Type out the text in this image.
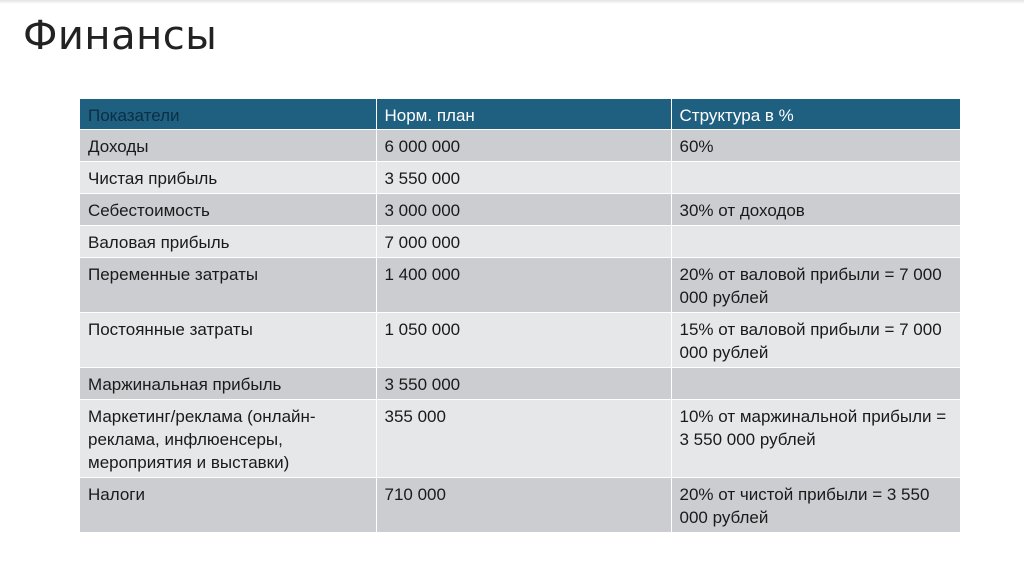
Финансы
Показатели	Норм. план	Структура в %
Доходы	6 000 000	60%
Чистая прибыль	3 550 000	
Себестоимость	3 000 000	30% от доходов
Валовая прибыль	7 000 000	
Переменные затраты	1 400 000	20% от валовой прибыли = 7 000 000 рублей
Постоянные затраты	1 050 000	15% от валовой прибыли = 7 000 000 рублей
Маржинальная прибыль	3 550 000	
Маркетинг/реклама (онлайн-реклама, инфлюенсеры, мероприятия и выставки)	355 000	10% от маржинальной прибыли = 3 550 000 рублей
Налоги	710 000	20% от чистой прибыли = 3 550 000 рублей
